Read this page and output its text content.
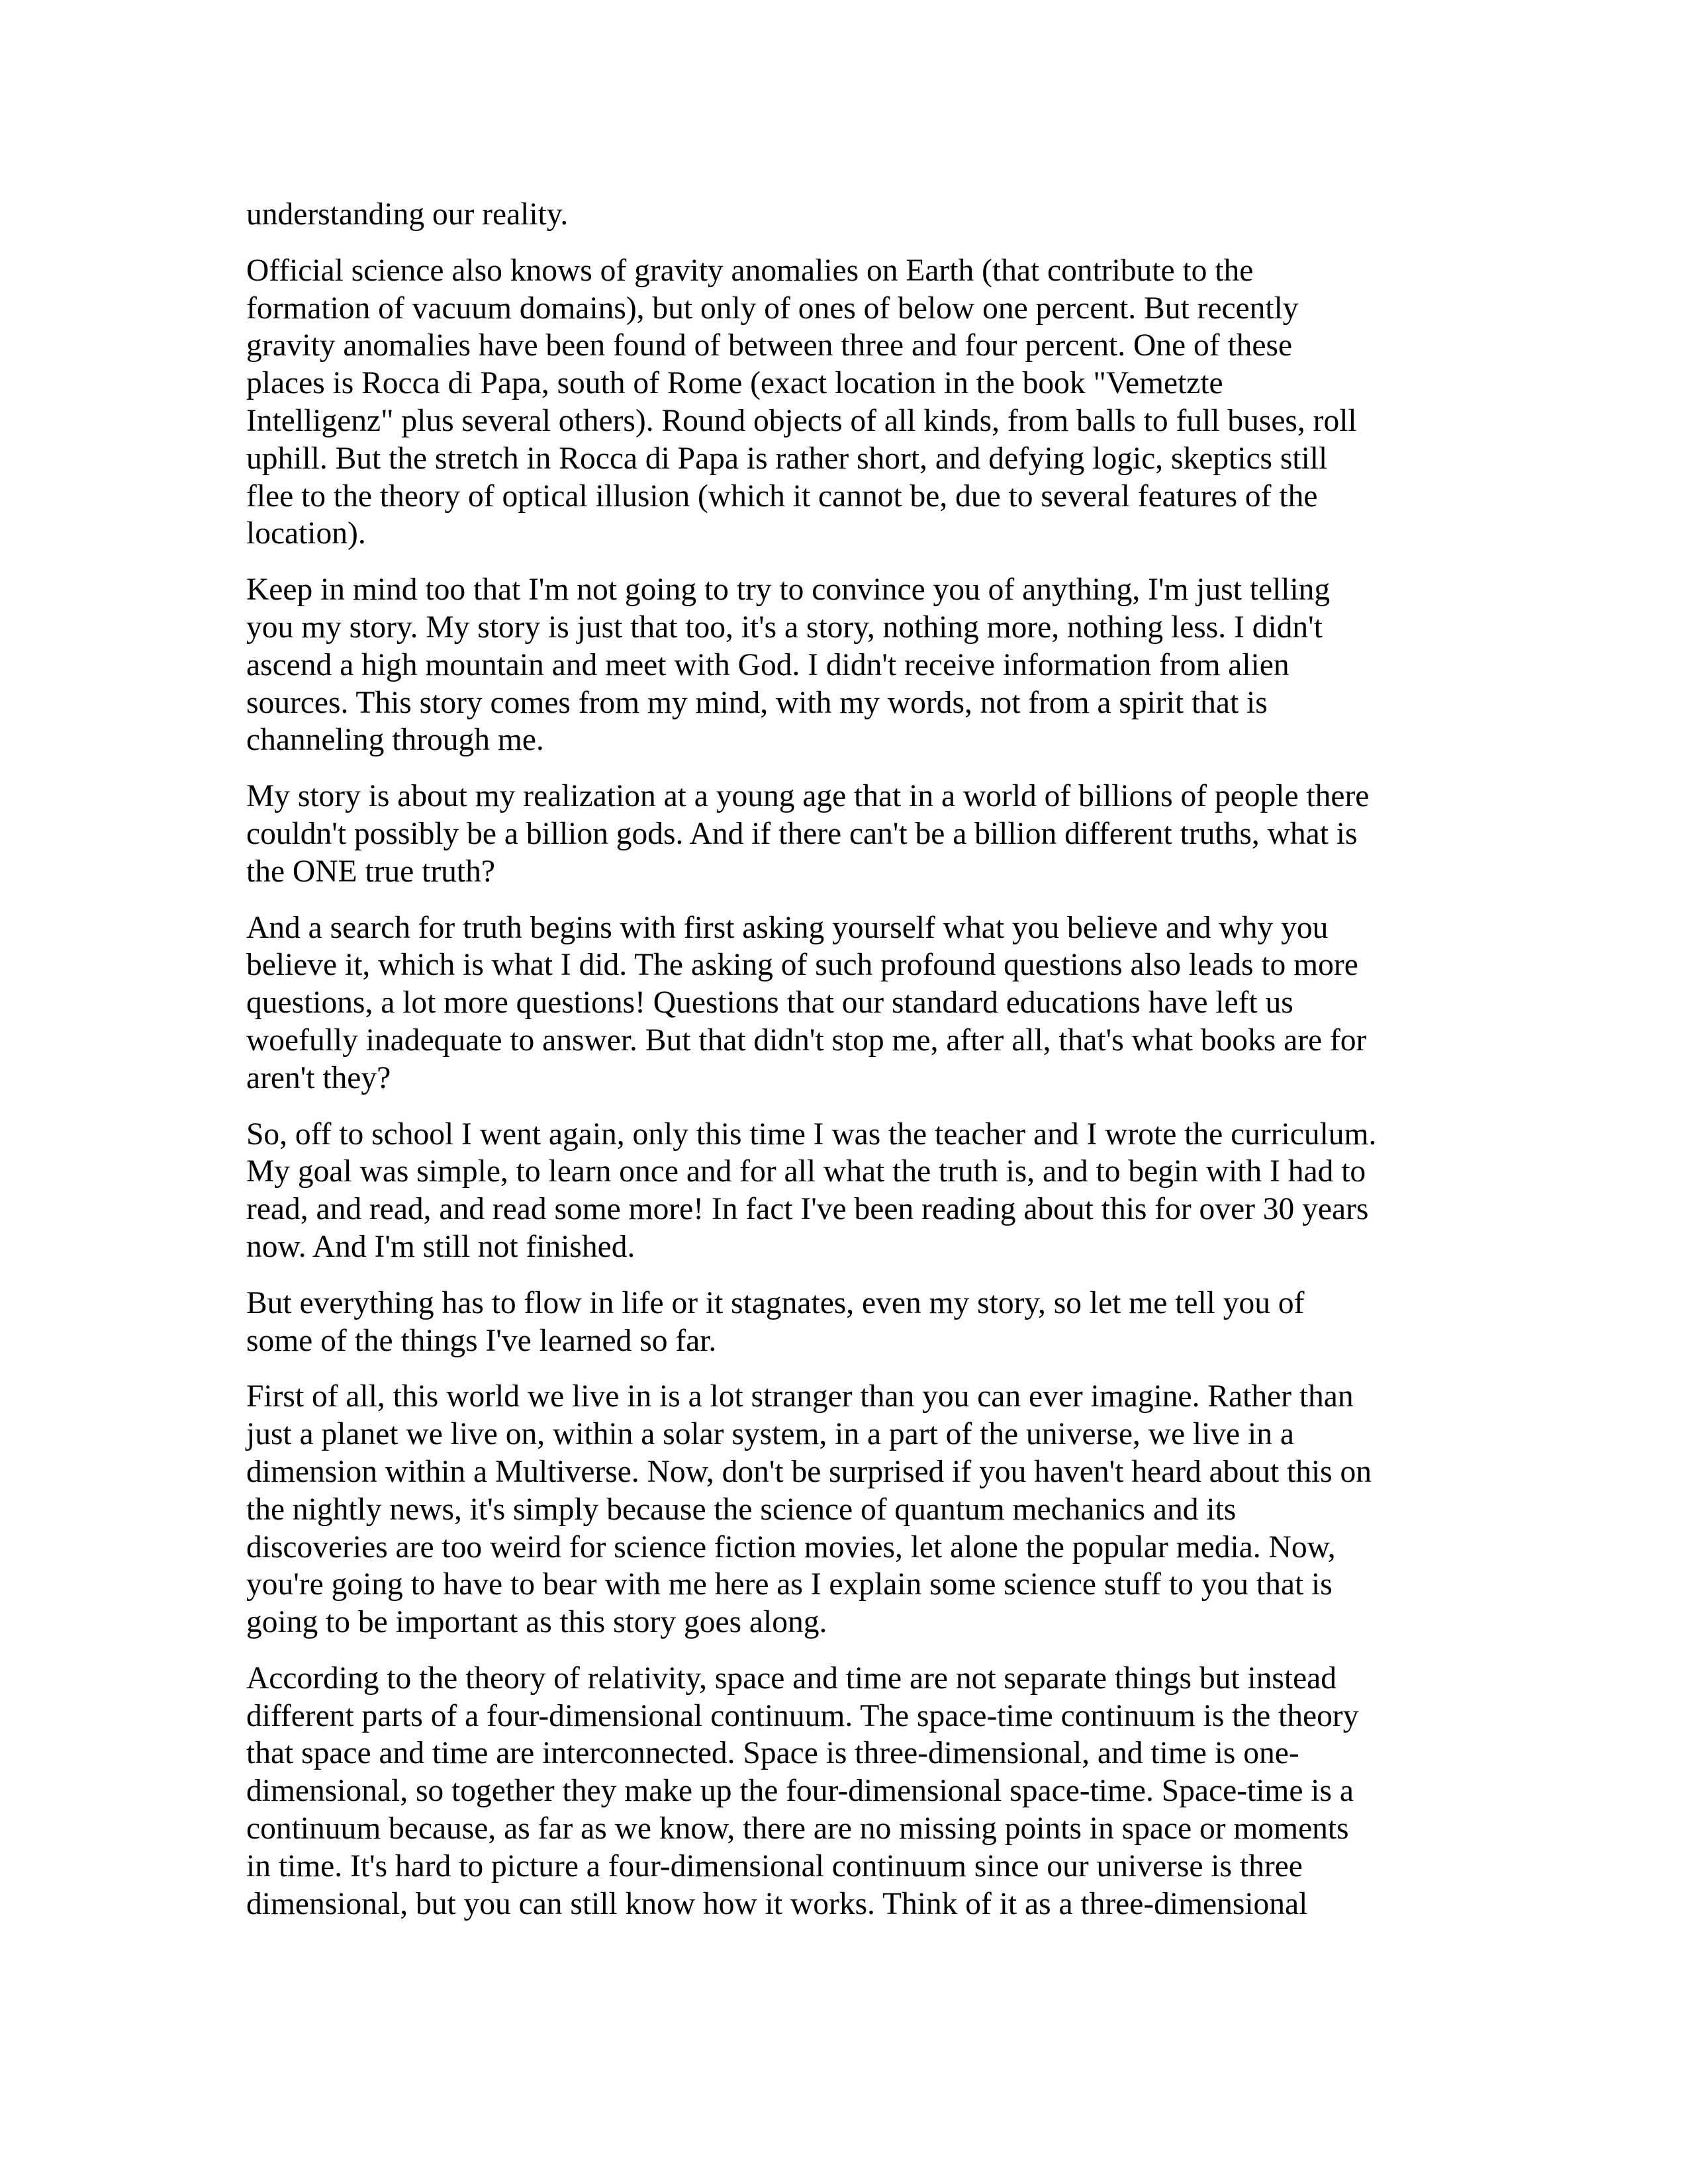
understanding our reality.
Official science also knows of gravity anomalies on Earth (that contribute to the
formation of vacuum domains), but only of ones of below one percent. But recently
gravity anomalies have been found of between three and four percent. One of these
places is Rocca di Papa, south of Rome (exact location in the book "Vemetzte
Intelligenz" plus several others). Round objects of all kinds, from balls to full buses, roll
uphill. But the stretch in Rocca di Papa is rather short, and defying logic, skeptics still
flee to the theory of optical illusion (which it cannot be, due to several features of the
location).
Keep in mind too that I'm not going to try to convince you of anything, I'm just telling
you my story. My story is just that too, it's a story, nothing more, nothing less. I didn't
ascend a high mountain and meet with God. I didn't receive information from alien
sources. This story comes from my mind, with my words, not from a spirit that is
channeling through me.
My story is about my realization at a young age that in a world of billions of people there
couldn't possibly be a billion gods. And if there can't be a billion different truths, what is
the ONE true truth?
And a search for truth begins with first asking yourself what you believe and why you
believe it, which is what I did. The asking of such profound questions also leads to more
questions, a lot more questions! Questions that our standard educations have left us
woefully inadequate to answer. But that didn't stop me, after all, that's what books are for
aren't they?
So, off to school I went again, only this time I was the teacher and I wrote the curriculum.
My goal was simple, to learn once and for all what the truth is, and to begin with I had to
read, and read, and read some more! In fact I've been reading about this for over 30 years
now. And I'm still not finished.
But everything has to flow in life or it stagnates, even my story, so let me tell you of
some of the things I've learned so far.
First of all, this world we live in is a lot stranger than you can ever imagine. Rather than
just a planet we live on, within a solar system, in a part of the universe, we live in a
dimension within a Multiverse. Now, don't be surprised if you haven't heard about this on
the nightly news, it's simply because the science of quantum mechanics and its
discoveries are too weird for science fiction movies, let alone the popular media. Now,
you're going to have to bear with me here as I explain some science stuff to you that is
going to be important as this story goes along.
According to the theory of relativity, space and time are not separate things but instead
different parts of a four-dimensional continuum. The space-time continuum is the theory
that space and time are interconnected. Space is three-dimensional, and time is one-
dimensional, so together they make up the four-dimensional space-time. Space-time is a
continuum because, as far as we know, there are no missing points in space or moments
in time. It's hard to picture a four-dimensional continuum since our universe is three
dimensional, but you can still know how it works. Think of it as a three-dimensional
